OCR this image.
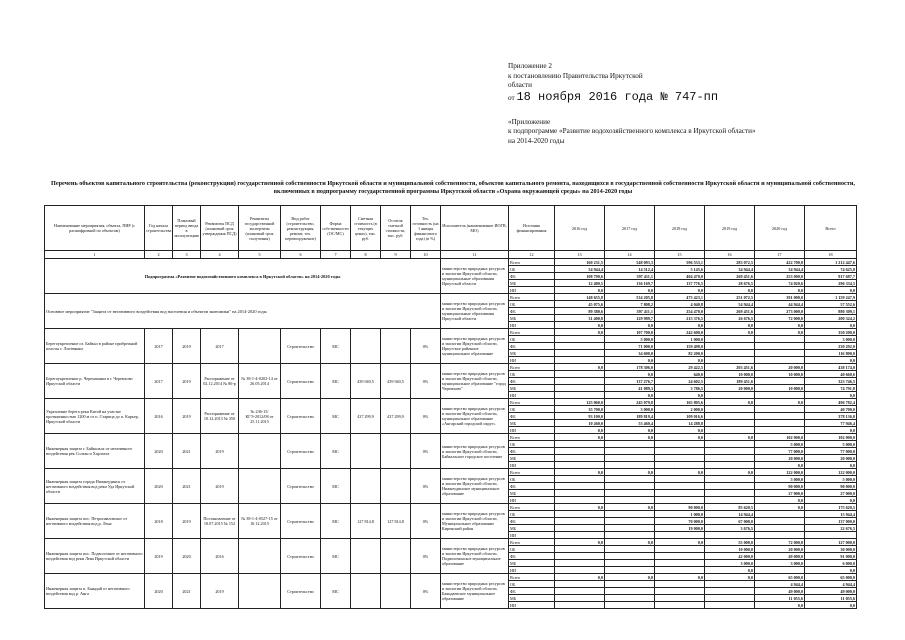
Приложение 2
к постановлению Правительства Иркутской
области
от 18 ноября 2016 года № 747-пп
«Приложение
к подпрограмме «Развитие водохозяйственного комплекса в Иркутской области»
на 2014-2020 годы
Перечень объектов капитального строительства (реконструкции) государственной собственности Иркутской области и муниципальной собственности, объектов капитального ремонта, находящихся в государственной собственности Иркутской области и муниципальной собственности, включенных в подпрограмму государственной программы Иркутской области «Охрана окружающей среды» на 2014-2020 годы
Наименование мероприятия, объекта, ПИР (с расшифровкой по объектам)	Год начала строительства	Плановый период ввода в эксплуатацию	Реквизиты ПСД (плановый срок утверждения ПСД)	Реквизиты государственной экспертизы (плановый срок получения)	Вид работ (строительство, реконструкция, ремонт, тех. перевооружение)	Форма собственности (ОС/МС)	Сметная стоимость (в текущих ценах), тыс. руб.	Остаток сметной стоимости, тыс. руб.	Тех. готовность (на 1 января финансового года) (в %)	Исполнитель (наименование ИОГВ, МО)	Источник финансирования	2016 год	2017 год	2018 год	2019 год	2020 год	Всего
1	2	3	4	5	6	7	8	9	10	11	12	13	14	15	16	17	18
Подпрограмма «Развитие водохозяйственного комплекса в Иркутской области» на 2014-2020 годы										министерство природных ресурсов и экологии Иркутской области, муниципальные образования Иркутской области	Всего	160 231,5	548 093,3	596 533,1	283 072,5	422 700,0	1 212 447,6
											ОБ	54 944,4	14 512,4	5 145,6	34 944,4	34 944,4	74 625,8
											ФБ	108 790,6	397 411,1	404 470,0	269 451,6	253 000,0	917 687,7
											МБ	12 400,5	136 169,7	137 776,5	28 676,5	74 020,6	296 334,5
											ИИ	0,0	0,0	0,0	0,0	0,0	0,0
Основное мероприятие "Защита от негативного воздействия вод населения и объектов экономики" на 2014-2020 годы										министерство природных ресурсов и экологии Иркутской области, муниципальные образования Иркутской области	Всего	148 655,8	534 205,8	475 423,1	251 072,5	391 000,0	1 159 247,9
											ОБ	45 075,6	7 808,2	4 040,8	54 944,4	44 944,4	57 552,6
											ФБ	89 380,6	397 411,1	254 470,0	269 451,6	273 000,0	880 309,1
											МБ	31 400,8	129 989,7	215 376,5	26 676,5	72 000,0	200 324,2
											ИИ	0,0	0,0	0,0	0,0	0,0	0,0
Берегоукрепление оз. Байкал в районе прибрежной полосы г. Листвянки	2017	2019	2017		Строительство	МС			0%	министерство природных ресурсов и экологии Иркутской области, Иркутское районное муниципальное образование	Всего	0,0	107 700,0	242 600,0	0,0	0,0	350 200,0
											ОБ		5 000,0	1 000,0			3 000,0
											ФБ		71 000,0	159 498,0			230 292,0
											МБ		34 600,0	82 200,0			116 800,0
											ИИ		0,0	0,0			0,0
Берегоукрепление р. Черемшанка в г. Черемхово Иркутской области	2017	2019	Распоряжение от 02.12.2014 № 86-р	№ 38-1-4-0202-14 от 26.05.2014	Строительство	МС	439 940,5	439 940,5	0%	министерство природных ресурсов и экологии Иркутской области, муниципальное образование "город Черемхово"	Всего	0,0	178 306,0	29 422,5	203 451,6	20 000,0	438 174,0
											ОБ		0,0	640,0	10 000,0	10 000,0	40 660,6
											ФБ		137 276,7	24 602,5	189 451,6		323 746,5
											МБ		41 089,3	3 786,5	20 000,0	10 000,0	74 791,8
											ИИ		0,0	0,0			0,0
Укрепление берега реки Китой на участке протяженностью 1200 м от п. Старица до п. Карьер, Иркутской области	2016	2019	Распоряжение от 10.12.2013 № 350	№ 236-15/КГЭ-2012/08 от 25.11.2015	Строительство	МС	437 299,9	437 299,9	0%	министерство природных ресурсов и экологии Иркутской области, муниципальное образование «Ангарский городской округ»	Всего	125 060,0	245 079,8	165 805,6	0,0	0,0	496 782,4
											ОБ	35 700,0	3 000,0	2 000,0			40 700,0
											ФБ	93 100,0	189 819,4	109 016,6			378 136,0
											МБ	10 260,0	53 460,4	14 288,8			77 946,4
											ИИ	0,0	0,0	0,0			0,0
Инженерная защита г. Байкальск от негативного воздействия рек Солзан и Харлахта	2020	2021	2019		Строительство	МС			0%	министерство природных ресурсов и экологии Иркутской области, Байкальское городское поселение	Всего	0,0	0,0	0,0	0,0	102 000,0	102 000,0
											ОБ					5 000,0	5 000,0
											ФБ					77 000,0	77 000,0
											МБ					20 000,0	20 000,0
											ИИ					0,0	0,0
Инженерная защита города Нижнеудинск от негативного воздействия вод реки Уда Иркутской области	2020	2021	2019		Строительство	МС			0%	министерство природных ресурсов и экологии Иркутской области, Нижнеудинское муниципальное образование	Всего	0,0	0,0	0,0	0,0	122 000,0	122 000,0
											ОБ					5 000,0	5 000,0
											ФБ					90 000,0	90 000,0
											МБ					27 000,0	27 000,0
											ИИ					0,0	0,0
Инженерная защита пос. Петропавловское от негативного воздействия вод р. Лена	2018	2019	Постановление от 18.07.2015 № 152	№ 38-1-4-0527-15 от 10.12.2015	Строительство	МС	127 814,8	127 814,8	0%	министерство природных ресурсов и экологии Иркутской области, Муниципальное образование Киренский район	Всего	0,0	0,0	90 000,0	85 620,5	0,0	175 620,5
											ОБ			1 000,0	14 944,4		15 944,4
											ФБ			70 000,0	67 000,0		137 000,0
											МБ			19 000,0	3 676,5		22 676,5
											ИИ						
Инженерная защита пос. Подволочное от негативного воздействия вод реки Лена Иркутской области	2019	2020	2016		Строительство	МС			0%	министерство природных ресурсов и экологии Иркутской области, Подволочинское муниципальное образование	Всего	0,0	0,0	0,0	55 000,0	72 000,0	127 000,0
											ОБ				10 000,0	20 000,0	30 000,0
											ФБ				42 000,0	49 000,0	91 000,0
											МБ				3 000,0	3 000,0	6 000,0
											ИИ				0,0		0,0
Инженерная защита п. Баяндай от негативного воздействия вод р. Анга	2020	2021	2019		Строительство	МС			0%	министерство природных ресурсов и экологии Иркутской области, Баяндаевское муниципальное образование	Всего	0,0	0,0	0,0	0,0	65 000,0	65 000,0
											ОБ					4 944,4	4 944,4
											ФБ					49 000,0	49 000,0
											МБ					11 055,6	11 055,6
											ИИ					0,0	0,0
